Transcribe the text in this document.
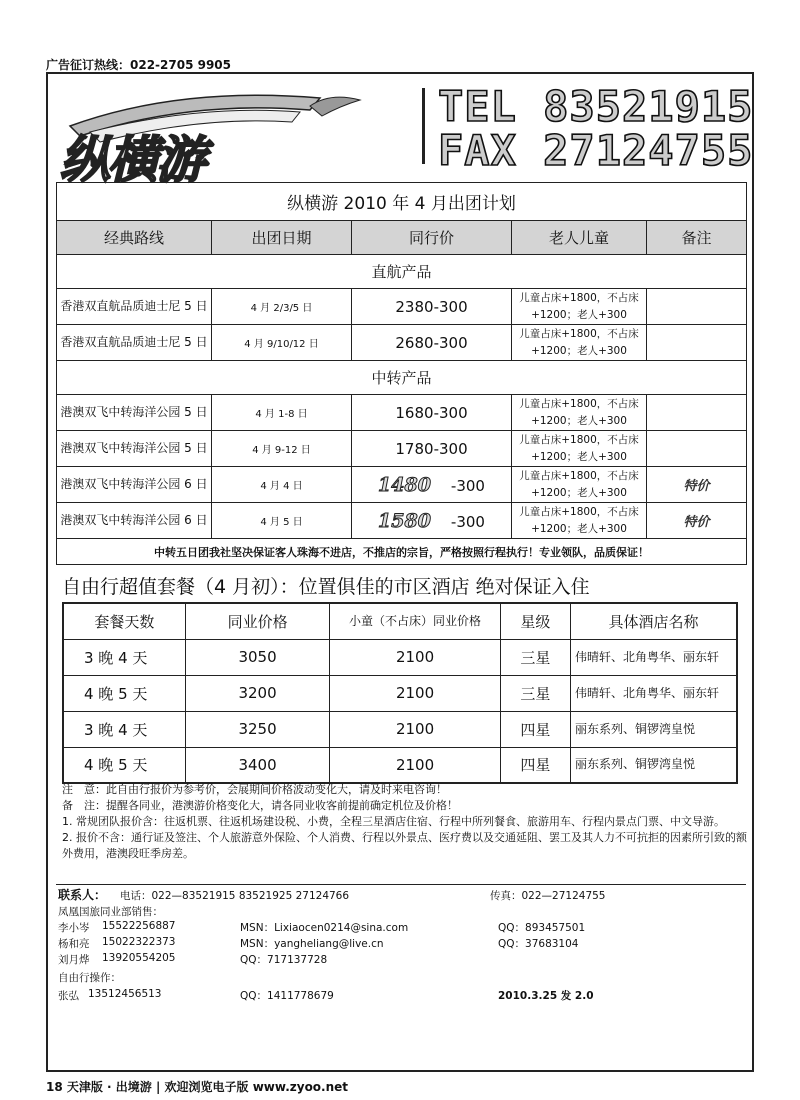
广告征订热线：022-2705 9905
纵横游
TEL 83521915
FAX 27124755
纵横游 2010 年 4 月出团计划				
经典路线	出团日期	同行价	老人儿童	备注
直航产品				
香港双直航品质迪士尼 5 日	4 月 2/3/5 日	2380-300	儿童占床+1800，不占床+1200；老人+300	
香港双直航品质迪士尼 5 日	4 月 9/10/12 日	2680-300	儿童占床+1800，不占床+1200；老人+300	
中转产品				
港澳双飞中转海洋公园 5 日	4 月 1-8 日	1680-300	儿童占床+1800，不占床+1200；老人+300	
港澳双飞中转海洋公园 5 日	4 月 9-12 日	1780-300	儿童占床+1800，不占床+1200；老人+300	
港澳双飞中转海洋公园 6 日	4 月 4 日	1480 -300	儿童占床+1800，不占床+1200；老人+300	特价
港澳双飞中转海洋公园 6 日	4 月 5 日	1580 -300	儿童占床+1800，不占床+1200；老人+300	特价
中转五日团我社坚决保证客人珠海不进店，不推店的宗旨，严格按照行程执行！专业领队，品质保证！				
自由行超值套餐（4 月初）：位置俱佳的市区酒店 绝对保证入住
套餐天数	同业价格	小童（不占床）同业价格	星级	具体酒店名称
3 晚 4 天	3050	2100	三星	伟晴轩、北角粤华、丽东轩
4 晚 5 天	3200	2100	三星	伟晴轩、北角粤华、丽东轩
3 晚 4 天	3250	2100	四星	丽东系列、铜锣湾皇悦
4 晚 5 天	3400	2100	四星	丽东系列、铜锣湾皇悦

注　意：此自由行报价为参考价，会展期间价格波动变化大，请及时来电咨询！

备　注：提醒各同业，港澳游价格变化大，请各同业收客前提前确定机位及价格！

1. 常规团队报价含：往返机票、往返机场建设税、小费，全程三星酒店住宿、行程中所列餐食、旅游用车、行程内景点门票、中文导游。

2. 报价不含：通行证及签注、个人旅游意外保险、个人消费、行程以外景点、医疗费以及交通延阻、罢工及其人力不可抗拒的因素所引致的额外费用，港澳段旺季房差。

联系人： 电话：022—83521915 83521925 27124766	传真：022—27124755
凤凰国旅同业部销售：
李小岑 15522256887	MSN：Lixiaocen0214@sina.com	QQ：893457501
杨和亮 15022322373	MSN：yangheliang@live.cn	QQ：37683104
刘月烨 13920554205	QQ：717137728
自由行操作：
张弘 13512456513	QQ：1411778679	2010.3.25 发 2.0
18 天津版 · 出境游 | 欢迎浏览电子版 www.zyoo.net
